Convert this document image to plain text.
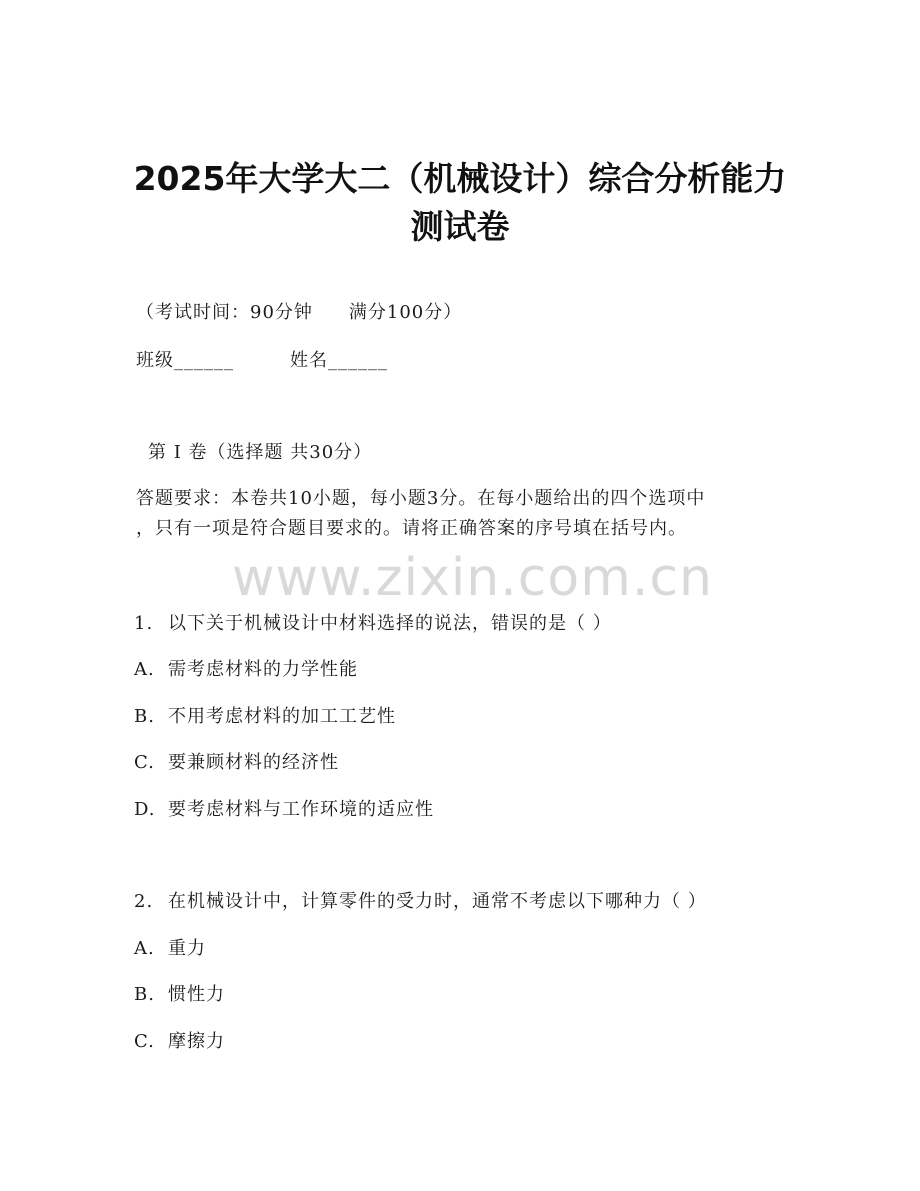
2025年大学大二（机械设计）综合分析能力
测试卷
（考试时间：90分钟 满分100分）
班级______	姓名______
第 I 卷（选择题 共30分）
答题要求：本卷共10小题，每小题3分。在每小题给出的四个选项中
，只有一项是符合题目要求的。请将正确答案的序号填在括号内。
www.zixin.com.cn
1. 以下关于机械设计中材料选择的说法，错误的是（ ）
A. 需考虑材料的力学性能
B. 不用考虑材料的加工工艺性
C. 要兼顾材料的经济性
D. 要考虑材料与工作环境的适应性
2. 在机械设计中，计算零件的受力时，通常不考虑以下哪种力（ ）
A. 重力
B. 惯性力
C. 摩擦力
